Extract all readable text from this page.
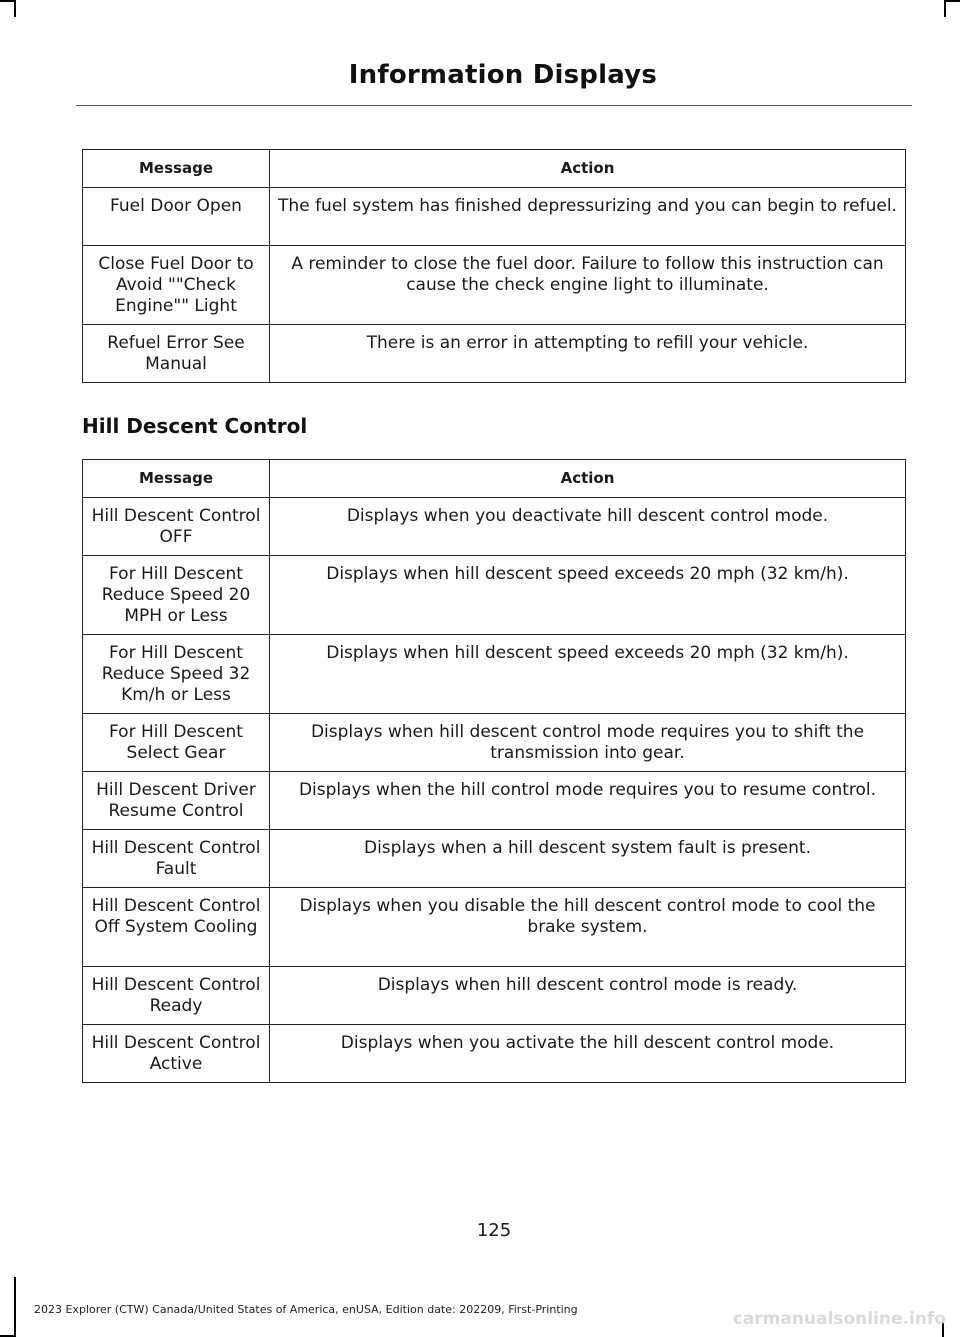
Information Displays
Message	Action
Fuel Door Open	The fuel system has finished depressurizing and you can begin to refuel.
Close Fuel Door to Avoid ""Check Engine"" Light	A reminder to close the fuel door. Failure to follow this instruction can cause the check engine light to illuminate.
Refuel Error See Manual	There is an error in attempting to refill your vehicle.
Hill Descent Control
Message	Action
Hill Descent Control OFF	Displays when you deactivate hill descent control mode.
For Hill Descent Reduce Speed 20 MPH or Less	Displays when hill descent speed exceeds 20 mph (32 km/h).
For Hill Descent Reduce Speed 32 Km/h or Less	Displays when hill descent speed exceeds 20 mph (32 km/h).
For Hill Descent Select Gear	Displays when hill descent control mode requires you to shift the transmission into gear.
Hill Descent Driver Resume Control	Displays when the hill control mode requires you to resume control.
Hill Descent Control Fault	Displays when a hill descent system fault is present.
Hill Descent Control Off System Cooling	Displays when you disable the hill descent control mode to cool the brake system.
Hill Descent Control Ready	Displays when hill descent control mode is ready.
Hill Descent Control Active	Displays when you activate the hill descent control mode.
125
2023 Explorer (CTW) Canada/United States of America, enUSA, Edition date: 202209, First-Printing	carmanualsonline.info
